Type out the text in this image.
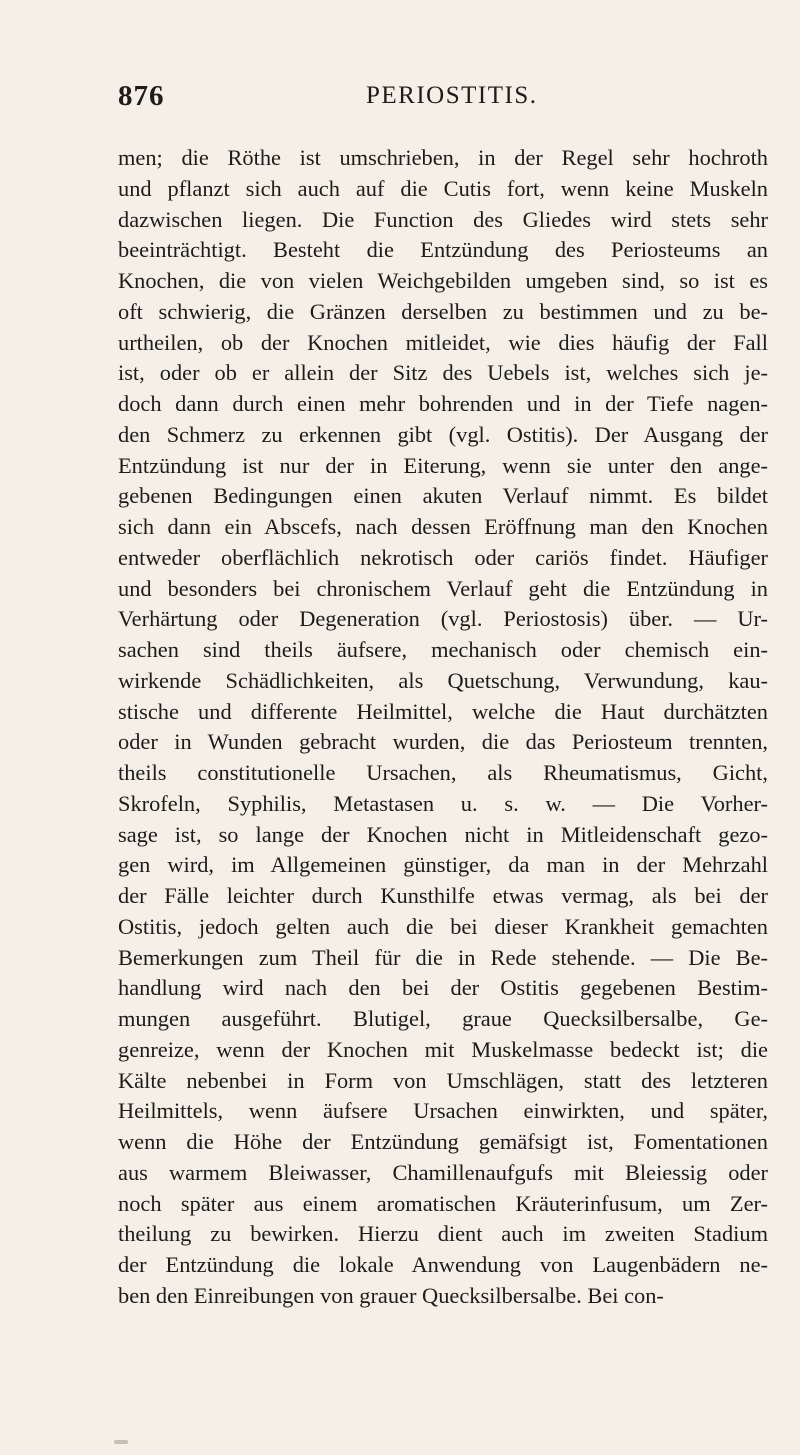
876	PERIOSTITIS.
men; die Röthe ist umschrieben, in der Regel sehr hochroth
und pflanzt sich auch auf die Cutis fort, wenn keine Muskeln
dazwischen liegen. Die Function des Gliedes wird stets sehr
beeinträchtigt. Besteht die Entzündung des Periosteums an
Knochen, die von vielen Weichgebilden umgeben sind, so ist es
oft schwierig, die Gränzen derselben zu bestimmen und zu be-
urtheilen, ob der Knochen mitleidet, wie dies häufig der Fall
ist, oder ob er allein der Sitz des Uebels ist, welches sich je-
doch dann durch einen mehr bohrenden und in der Tiefe nagen-
den Schmerz zu erkennen gibt (vgl. Ostitis). Der Ausgang der
Entzündung ist nur der in Eiterung, wenn sie unter den ange-
gebenen Bedingungen einen akuten Verlauf nimmt. Es bildet
sich dann ein Abscefs, nach dessen Eröffnung man den Knochen
entweder oberflächlich nekrotisch oder cariös findet. Häufiger
und besonders bei chronischem Verlauf geht die Entzündung in
Verhärtung oder Degeneration (vgl. Periostosis) über. — Ur-
sachen sind theils äufsere, mechanisch oder chemisch ein-
wirkende Schädlichkeiten, als Quetschung, Verwundung, kau-
stische und differente Heilmittel, welche die Haut durchätzten
oder in Wunden gebracht wurden, die das Periosteum trennten,
theils constitutionelle Ursachen, als Rheumatismus, Gicht,
Skrofeln, Syphilis, Metastasen u. s. w. — Die Vorher-
sage ist, so lange der Knochen nicht in Mitleidenschaft gezo-
gen wird, im Allgemeinen günstiger, da man in der Mehrzahl
der Fälle leichter durch Kunsthilfe etwas vermag, als bei der
Ostitis, jedoch gelten auch die bei dieser Krankheit gemachten
Bemerkungen zum Theil für die in Rede stehende. — Die Be-
handlung wird nach den bei der Ostitis gegebenen Bestim-
mungen ausgeführt. Blutigel, graue Quecksilbersalbe, Ge-
genreize, wenn der Knochen mit Muskelmasse bedeckt ist; die
Kälte nebenbei in Form von Umschlägen, statt des letzteren
Heilmittels, wenn äufsere Ursachen einwirkten, und später,
wenn die Höhe der Entzündung gemäfsigt ist, Fomentationen
aus warmem Bleiwasser, Chamillenaufgufs mit Bleiessig oder
noch später aus einem aromatischen Kräuterinfusum, um Zer-
theilung zu bewirken. Hierzu dient auch im zweiten Stadium
der Entzündung die lokale Anwendung von Laugenbädern ne-
ben den Einreibungen von grauer Quecksilbersalbe. Bei con-
